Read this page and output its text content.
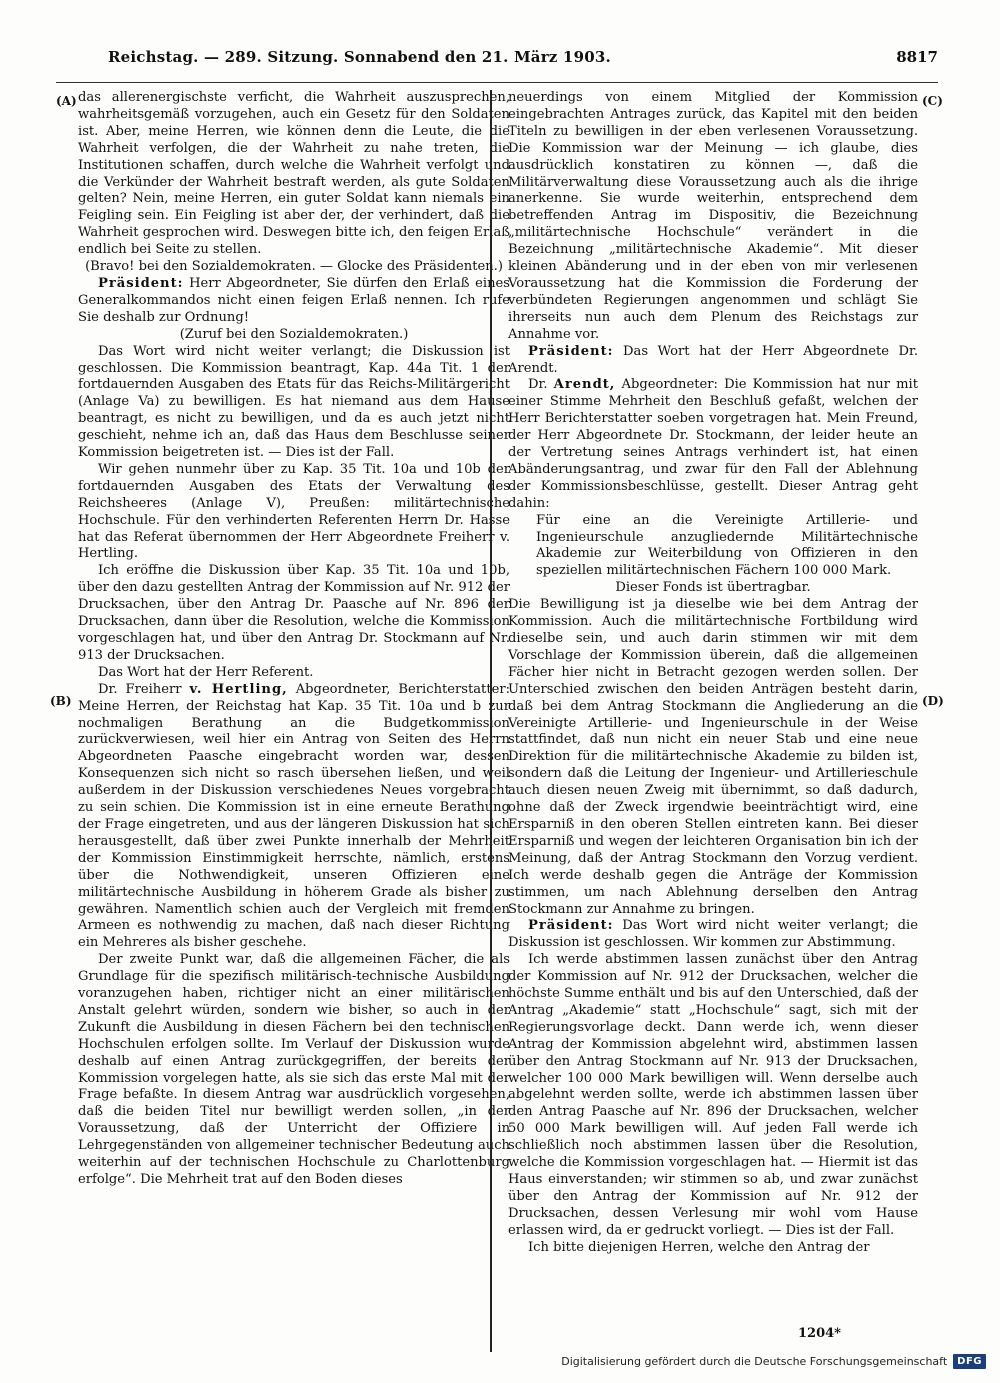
Reichstag. — 289. Sitzung. Sonnabend den 21. März 1903.	8817
(A)
(B)
(C)
(D)

das allerenergischste verficht, die Wahrheit auszusprechen, wahrheitsgemäß vorzugehen, auch ein Gesetz für den Soldaten ist. Aber, meine Herren, wie können denn die Leute, die die Wahrheit verfolgen, die der Wahrheit zu nahe treten, die Institutionen schaffen, durch welche die Wahrheit verfolgt und die Verkünder der Wahrheit bestraft werden, als gute Soldaten gelten? Nein, meine Herren, ein guter Soldat kann niemals ein Feigling sein. Ein Feigling ist aber der, der verhindert, daß die Wahrheit gesprochen wird. Deswegen bitte ich, den feigen Erlaß endlich bei Seite zu stellen.

(Bravo! bei den Sozialdemokraten. — Glocke des Präsidenten.)

Präsident: Herr Abgeordneter, Sie dürfen den Erlaß eines Generalkommandos nicht einen feigen Erlaß nennen. Ich rufe Sie deshalb zur Ordnung!

(Zuruf bei den Sozialdemokraten.)

Das Wort wird nicht weiter verlangt; die Diskussion ist geschlossen. Die Kommission beantragt, Kap. 44a Tit. 1 der fortdauernden Ausgaben des Etats für das Reichs-Militärgericht (Anlage Va) zu bewilligen. Es hat niemand aus dem Hause beantragt, es nicht zu bewilligen, und da es auch jetzt nicht geschieht, nehme ich an, daß das Haus dem Beschlusse seiner Kommission beigetreten ist. — Dies ist der Fall.

Wir gehen nunmehr über zu Kap. 35 Tit. 10a und 10b der fortdauernden Ausgaben des Etats der Verwaltung des Reichsheeres (Anlage V), Preußen: militärtechnische Hochschule. Für den verhinderten Referenten Herrn Dr. Hasse hat das Referat übernommen der Herr Abgeordnete Freiherr v. Hertling.

Ich eröffne die Diskussion über Kap. 35 Tit. 10a und 10b, über den dazu gestellten Antrag der Kommission auf Nr. 912 der Drucksachen, über den Antrag Dr. Paasche auf Nr. 896 der Drucksachen, dann über die Resolution, welche die Kommission vorgeschlagen hat, und über den Antrag Dr. Stockmann auf Nr. 913 der Drucksachen.

Das Wort hat der Herr Referent.

Dr. Freiherr v. Hertling, Abgeordneter, Berichterstatter: Meine Herren, der Reichstag hat Kap. 35 Tit. 10a und b zur nochmaligen Berathung an die Budgetkommission zurückverwiesen, weil hier ein Antrag von Seiten des Herrn Abgeordneten Paasche eingebracht worden war, dessen Konsequenzen sich nicht so rasch übersehen ließen, und weil außerdem in der Diskussion verschiedenes Neues vorgebracht zu sein schien. Die Kommission ist in eine erneute Berathung der Frage eingetreten, und aus der längeren Diskussion hat sich herausgestellt, daß über zwei Punkte innerhalb der Mehrheit der Kommission Einstimmigkeit herrschte, nämlich, erstens über die Nothwendigkeit, unseren Offizieren eine militärtechnische Ausbildung in höherem Grade als bisher zu gewähren. Namentlich schien auch der Vergleich mit fremden Armeen es nothwendig zu machen, daß nach dieser Richtung ein Mehreres als bisher geschehe.

Der zweite Punkt war, daß die allgemeinen Fächer, die als Grundlage für die spezifisch militärisch-technische Ausbildung voranzugehen haben, richtiger nicht an einer militärischen Anstalt gelehrt würden, sondern wie bisher, so auch in der Zukunft die Ausbildung in diesen Fächern bei den technischen Hochschulen erfolgen sollte. Im Verlauf der Diskussion wurde deshalb auf einen Antrag zurückgegriffen, der bereits der Kommission vorgelegen hatte, als sie sich das erste Mal mit der Frage befaßte. In diesem Antrag war ausdrücklich vorgesehen, daß die beiden Titel nur bewilligt werden sollen, „in der Voraussetzung, daß der Unterricht der Offiziere in Lehrgegenständen von allgemeiner technischer Bedeutung auch weiterhin auf der technischen Hochschule zu Charlottenburg erfolge“. Die Mehrheit trat auf den Boden dieses

neuerdings von einem Mitglied der Kommission eingebrachten Antrages zurück, das Kapitel mit den beiden Titeln zu bewilligen in der eben verlesenen Voraussetzung. Die Kommission war der Meinung — ich glaube, dies ausdrücklich konstatiren zu können —, daß die Militärverwaltung diese Voraussetzung auch als die ihrige anerkenne. Sie wurde weiterhin, entsprechend dem betreffenden Antrag im Dispositiv, die Bezeichnung „militärtechnische Hochschule“ verändert in die Bezeichnung „militärtechnische Akademie“. Mit dieser kleinen Abänderung und in der eben von mir verlesenen Voraussetzung hat die Kommission die Forderung der verbündeten Regierungen angenommen und schlägt Sie ihrerseits nun auch dem Plenum des Reichstags zur Annahme vor.

Präsident: Das Wort hat der Herr Abgeordnete Dr. Arendt.

Dr. Arendt, Abgeordneter: Die Kommission hat nur mit einer Stimme Mehrheit den Beschluß gefaßt, welchen der Herr Berichterstatter soeben vorgetragen hat. Mein Freund, der Herr Abgeordnete Dr. Stockmann, der leider heute an der Vertretung seines Antrags verhindert ist, hat einen Abänderungsantrag, und zwar für den Fall der Ablehnung der Kommissionsbeschlüsse, gestellt. Dieser Antrag geht dahin:

Für eine an die Vereinigte Artillerie- und Ingenieurschule anzugliedernde Militärtechnische Akademie zur Weiterbildung von Offizieren in den speziellen militärtechnischen Fächern 100 000 Mark.

Dieser Fonds ist übertragbar.

Die Bewilligung ist ja dieselbe wie bei dem Antrag der Kommission. Auch die militärtechnische Fortbildung wird dieselbe sein, und auch darin stimmen wir mit dem Vorschlage der Kommission überein, daß die allgemeinen Fächer hier nicht in Betracht gezogen werden sollen. Der Unterschied zwischen den beiden Anträgen besteht darin, daß bei dem Antrag Stockmann die Angliederung an die Vereinigte Artillerie- und Ingenieurschule in der Weise stattfindet, daß nun nicht ein neuer Stab und eine neue Direktion für die militärtechnische Akademie zu bilden ist, sondern daß die Leitung der Ingenieur- und Artillerieschule auch diesen neuen Zweig mit übernimmt, so daß dadurch, ohne daß der Zweck irgendwie beeinträchtigt wird, eine Ersparniß in den oberen Stellen eintreten kann. Bei dieser Ersparniß und wegen der leichteren Organisation bin ich der Meinung, daß der Antrag Stockmann den Vorzug verdient. Ich werde deshalb gegen die Anträge der Kommission stimmen, um nach Ablehnung derselben den Antrag Stockmann zur Annahme zu bringen.

Präsident: Das Wort wird nicht weiter verlangt; die Diskussion ist geschlossen. Wir kommen zur Abstimmung.

Ich werde abstimmen lassen zunächst über den Antrag der Kommission auf Nr. 912 der Drucksachen, welcher die höchste Summe enthält und bis auf den Unterschied, daß der Antrag „Akademie“ statt „Hochschule“ sagt, sich mit der Regierungsvorlage deckt. Dann werde ich, wenn dieser Antrag der Kommission abgelehnt wird, abstimmen lassen über den Antrag Stockmann auf Nr. 913 der Drucksachen, welcher 100 000 Mark bewilligen will. Wenn derselbe auch abgelehnt werden sollte, werde ich abstimmen lassen über den Antrag Paasche auf Nr. 896 der Drucksachen, welcher 50 000 Mark bewilligen will. Auf jeden Fall werde ich schließlich noch abstimmen lassen über die Resolution, welche die Kommission vorgeschlagen hat. — Hiermit ist das Haus einverstanden; wir stimmen so ab, und zwar zunächst über den Antrag der Kommission auf Nr. 912 der Drucksachen, dessen Verlesung mir wohl vom Hause erlassen wird, da er gedruckt vorliegt. — Dies ist der Fall.

Ich bitte diejenigen Herren, welche den Antrag der

1204*
Digitalisierung gefördert durch die Deutsche Forschungsgemeinschaft	DFG
